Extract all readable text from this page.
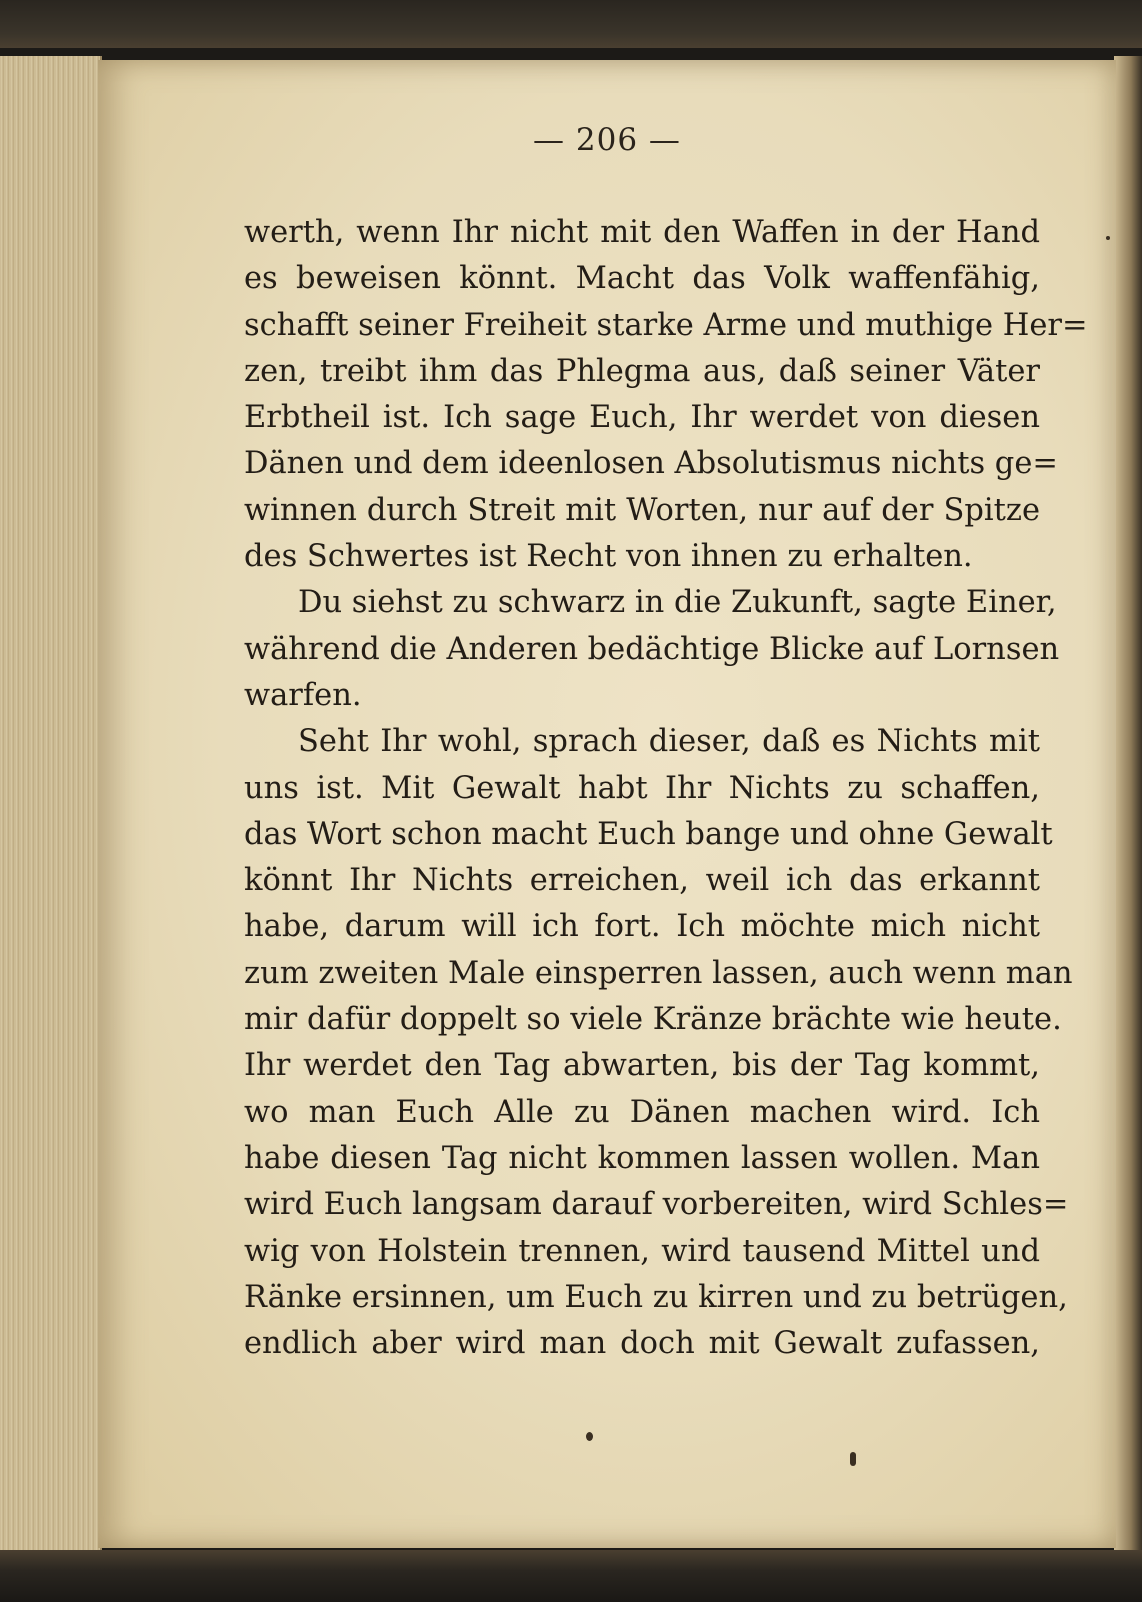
— 206 —
werth, wenn Ihr nicht mit den Waffen in der Hand
es beweisen könnt. Macht das Volk waffenfähig,
schafft seiner Freiheit starke Arme und muthige Her=
zen, treibt ihm das Phlegma aus, daß seiner Väter
Erbtheil ist. Ich sage Euch, Ihr werdet von diesen
Dänen und dem ideenlosen Absolutismus nichts ge=
winnen durch Streit mit Worten, nur auf der Spitze
des Schwertes ist Recht von ihnen zu erhalten.
Du siehst zu schwarz in die Zukunft, sagte Einer,
während die Anderen bedächtige Blicke auf Lornsen
warfen.
Seht Ihr wohl, sprach dieser, daß es Nichts mit
uns ist. Mit Gewalt habt Ihr Nichts zu schaffen,
das Wort schon macht Euch bange und ohne Gewalt
könnt Ihr Nichts erreichen, weil ich das erkannt
habe, darum will ich fort. Ich möchte mich nicht
zum zweiten Male einsperren lassen, auch wenn man
mir dafür doppelt so viele Kränze brächte wie heute.
Ihr werdet den Tag abwarten, bis der Tag kommt,
wo man Euch Alle zu Dänen machen wird. Ich
habe diesen Tag nicht kommen lassen wollen. Man
wird Euch langsam darauf vorbereiten, wird Schles=
wig von Holstein trennen, wird tausend Mittel und
Ränke ersinnen, um Euch zu kirren und zu betrügen,
endlich aber wird man doch mit Gewalt zufassen,
